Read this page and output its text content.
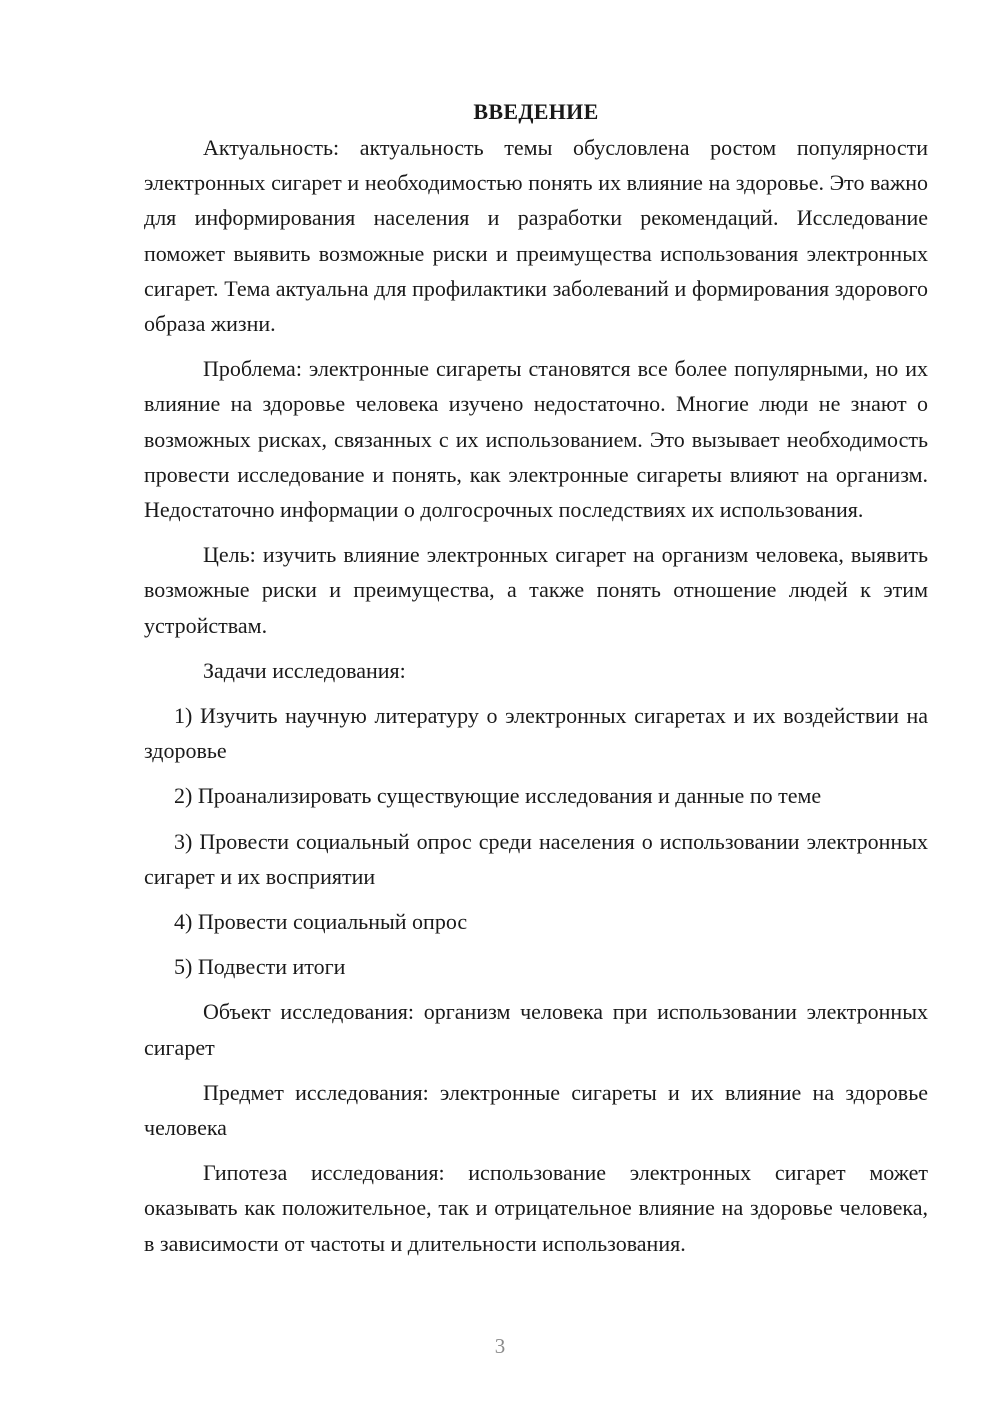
ВВЕДЕНИЕ

Актуальность: актуальность темы обусловлена ростом популярности электронных сигарет и необходимостью понять их влияние на здоровье. Это важно для информирования населения и разработки рекомендаций. Исследование поможет выявить возможные риски и преимущества использования электронных сигарет. Тема актуальна для профилактики заболеваний и формирования здорового образа жизни.

Проблема: электронные сигареты становятся все более популярными, но их влияние на здоровье человека изучено недостаточно. Многие люди не знают о возможных рисках, связанных с их использованием. Это вызывает необходимость провести исследование и понять, как электронные сигареты влияют на организм. Недостаточно информации о долгосрочных последствиях их использования.

Цель: изучить влияние электронных сигарет на организм человека, выявить возможные риски и преимущества, а также понять отношение людей к этим устройствам.

Задачи исследования:

1) Изучить научную литературу о электронных сигаретах и их воздействии на здоровье

2) Проанализировать существующие исследования и данные по теме

3) Провести социальный опрос среди населения о использовании электронных сигарет и их восприятии

4) Провести социальный опрос

5) Подвести итоги

Объект исследования: организм человека при использовании электронных сигарет

Предмет исследования: электронные сигареты и их влияние на здоровье человека

Гипотеза исследования: использование электронных сигарет может оказывать как положительное, так и отрицательное влияние на здоровье человека, в зависимости от частоты и длительности использования.

3
